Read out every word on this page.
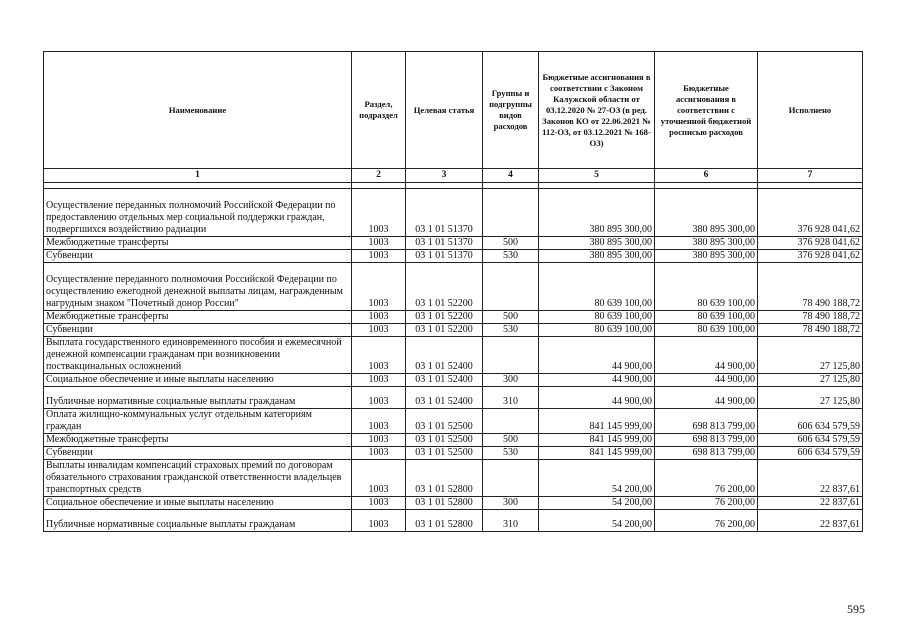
Наименование	Раздел, подраздел	Целевая статья	Группы и подгруппы видов расходов	Бюджетные ассигнования в соответствии с Законом Калужской области от 03.12.2020 № 27-ОЗ (в ред. Законов КО от 22.06.2021 № 112-ОЗ, от 03.12.2021 № 168-ОЗ)	Бюджетные ассигнования в соответствии с уточненной бюджетной росписью расходов	Исполнено
1	2	3	4	5	6	7

Осуществление переданных полномочий Российской Федерации по предоставлению отдельных мер социальной поддержки граждан, подвергшихся воздействию радиации	1003	03 1 01 51370		380 895 300,00	380 895 300,00	376 928 041,62
Межбюджетные трансферты	1003	03 1 01 51370	500	380 895 300,00	380 895 300,00	376 928 041,62
Субвенции	1003	03 1 01 51370	530	380 895 300,00	380 895 300,00	376 928 041,62
Осуществление переданного полномочия Российской Федерации по осуществлению ежегодной денежной выплаты лицам, награжденным нагрудным знаком "Почетный донор России"	1003	03 1 01 52200		80 639 100,00	80 639 100,00	78 490 188,72
Межбюджетные трансферты	1003	03 1 01 52200	500	80 639 100,00	80 639 100,00	78 490 188,72
Субвенции	1003	03 1 01 52200	530	80 639 100,00	80 639 100,00	78 490 188,72
Выплата государственного единовременного пособия и ежемесячной денежной компенсации гражданам при возникновении поствакцинальных осложнений	1003	03 1 01 52400		44 900,00	44 900,00	27 125,80
Социальное обеспечение и иные выплаты населению	1003	03 1 01 52400	300	44 900,00	44 900,00	27 125,80
Публичные нормативные социальные выплаты гражданам	1003	03 1 01 52400	310	44 900,00	44 900,00	27 125,80
Оплата жилищно-коммунальных услуг отдельным категориям граждан	1003	03 1 01 52500		841 145 999,00	698 813 799,00	606 634 579,59
Межбюджетные трансферты	1003	03 1 01 52500	500	841 145 999,00	698 813 799,00	606 634 579,59
Субвенции	1003	03 1 01 52500	530	841 145 999,00	698 813 799,00	606 634 579,59
Выплаты инвалидам компенсаций страховых премий по договорам обязательного страхования гражданской ответственности владельцев транспортных средств	1003	03 1 01 52800		54 200,00	76 200,00	22 837,61
Социальное обеспечение и иные выплаты населению	1003	03 1 01 52800	300	54 200,00	76 200,00	22 837,61
Публичные нормативные социальные выплаты гражданам	1003	03 1 01 52800	310	54 200,00	76 200,00	22 837,61
595
